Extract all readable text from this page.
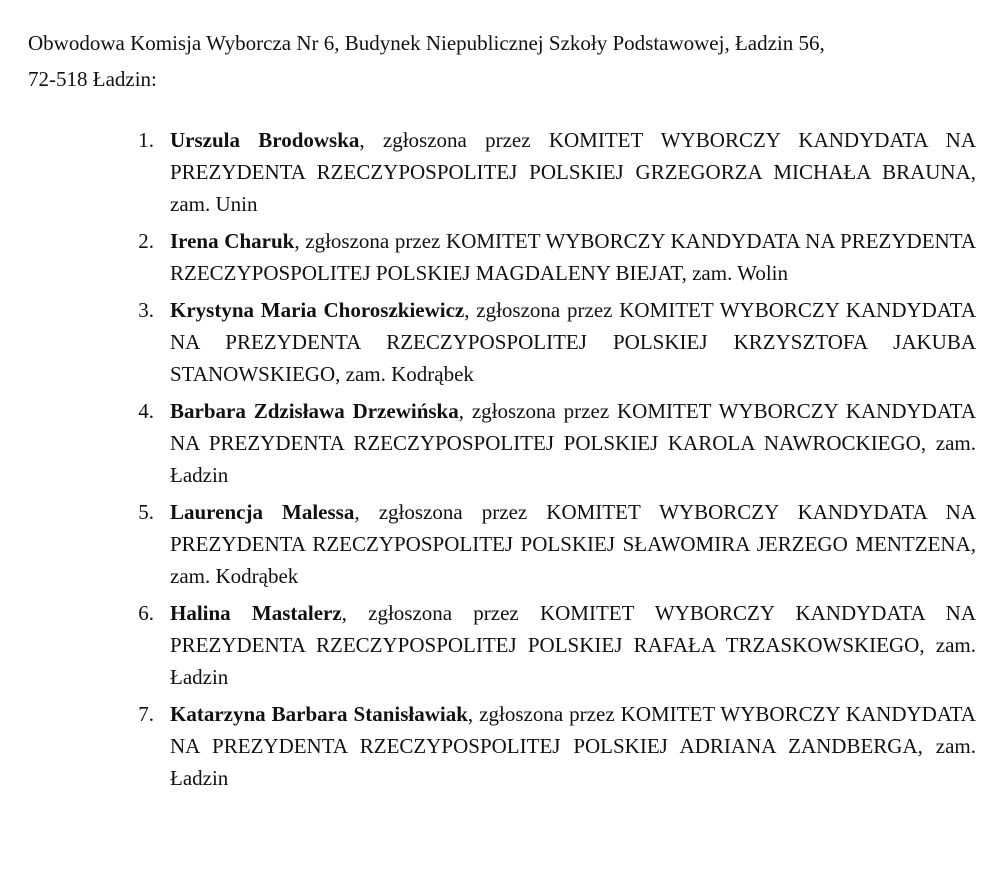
Obwodowa Komisja Wyborcza Nr 6, Budynek Niepublicznej Szkoły Podstawowej, Ładzin 56,
72-518 Ładzin:

1. Urszula Brodowska, zgłoszona przez KOMITET WYBORCZY KANDYDATA NA PREZYDENTA RZECZYPOSPOLITEJ POLSKIEJ GRZEGORZA MICHAŁA BRAUNA, zam. Unin
2. Irena Charuk, zgłoszona przez KOMITET WYBORCZY KANDYDATA NA PREZYDENTA RZECZYPOSPOLITEJ POLSKIEJ MAGDALENY BIEJAT, zam. Wolin
3. Krystyna Maria Choroszkiewicz, zgłoszona przez KOMITET WYBORCZY KANDYDATA NA PREZYDENTA RZECZYPOSPOLITEJ POLSKIEJ KRZYSZTOFA JAKUBA STANOWSKIEGO, zam. Kodrąbek
4. Barbara Zdzisława Drzewińska, zgłoszona przez KOMITET WYBORCZY KANDYDATA NA PREZYDENTA RZECZYPOSPOLITEJ POLSKIEJ KAROLA NAWROCKIEGO, zam. Ładzin
5. Laurencja Malessa, zgłoszona przez KOMITET WYBORCZY KANDYDATA NA PREZYDENTA RZECZYPOSPOLITEJ POLSKIEJ SŁAWOMIRA JERZEGO MENTZENA, zam. Kodrąbek
6. Halina Mastalerz, zgłoszona przez KOMITET WYBORCZY KANDYDATA NA PREZYDENTA RZECZYPOSPOLITEJ POLSKIEJ RAFAŁA TRZASKOWSKIEGO, zam. Ładzin
7. Katarzyna Barbara Stanisławiak, zgłoszona przez KOMITET WYBORCZY KANDYDATA NA PREZYDENTA RZECZYPOSPOLITEJ POLSKIEJ ADRIANA ZANDBERGA, zam. Ładzin
